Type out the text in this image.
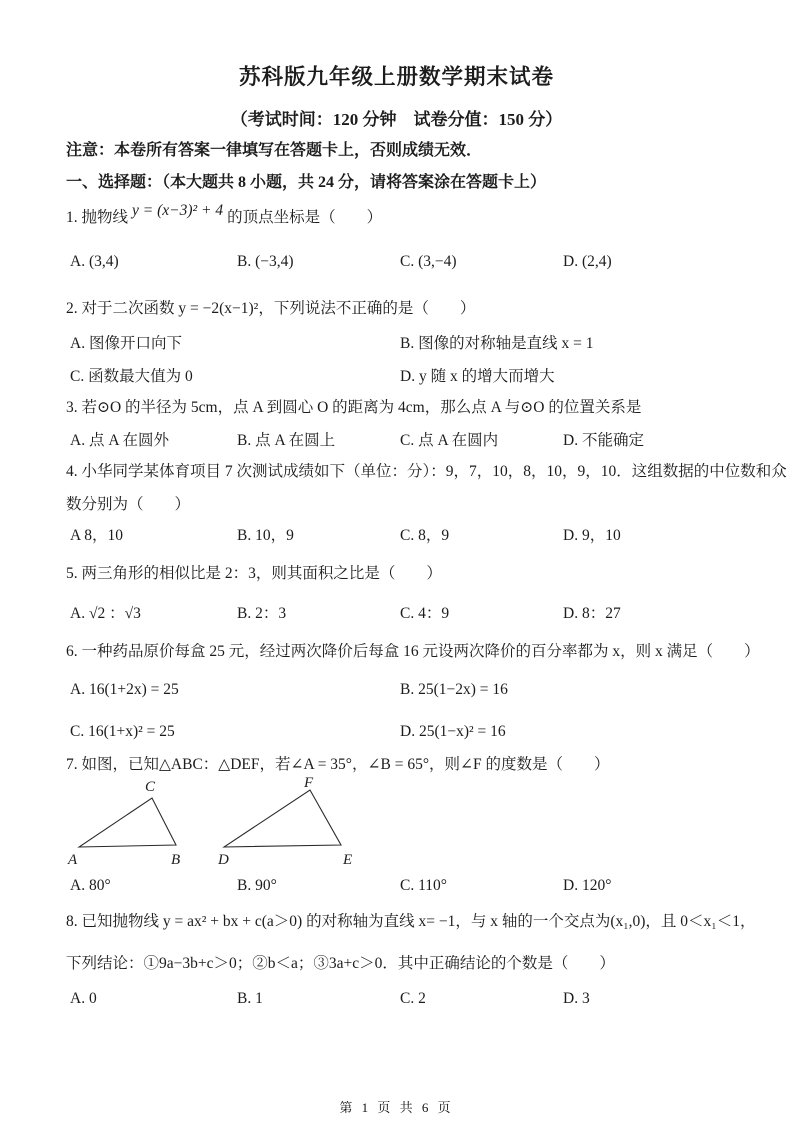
苏科版九年级上册数学期末试卷
（考试时间：120 分钟　试卷分值：150 分）
注意：本卷所有答案一律填写在答题卡上，否则成绩无效．
一、选择题：（本大题共 8 小题，共 24 分，请将答案涂在答题卡上）
1. 抛物线 y = (x−3)² + 4 的顶点坐标是（　　）
A. (3,4)	B. (−3,4)	C. (3,−4)	D. (2,4)
2. 对于二次函数 y = −2(x−1)²，下列说法不正确的是（　　）
A. 图像开口向下	B. 图像的对称轴是直线 x = 1
C. 函数最大值为 0	D. y 随 x 的增大而增大
3. 若⊙O 的半径为 5cm，点 A 到圆心 O 的距离为 4cm，那么点 A 与⊙O 的位置关系是
A. 点 A 在圆外	B. 点 A 在圆上	C. 点 A 在圆内	D. 不能确定
4. 小华同学某体育项目 7 次测试成绩如下（单位：分）：9，7，10，8，10，9，10．这组数据的中位数和众
数分别为（　　）
A 8，10	B. 10，9	C. 8，9	D. 9，10
5. 两三角形的相似比是 2：3，则其面积之比是（　　）
A. √2 ：√3	B. 2：3	C. 4：9	D. 8：27
6. 一种药品原价每盒 25 元，经过两次降价后每盒 16 元设两次降价的百分率都为 x，则 x 满足（　　）
A. 16(1+2x) = 25	B. 25(1−2x) = 16
C. 16(1+x)² = 25	D. 25(1−x)² = 16
7. 如图，已知△ABC：△DEF，若∠A = 35°，∠B = 65°，则∠F 的度数是（　　）
A	B
C
D	E
F
A. 80°	B. 90°	C. 110°	D. 120°
8. 已知抛物线 y = ax² + bx + c(a＞0) 的对称轴为直线 x= −1，与 x 轴的一个交点为(x₁,0)，且 0＜x₁＜1，
下列结论：①9a−3b+c＞0；②b＜a；③3a+c＞0．其中正确结论的个数是（　　）
A. 0	B. 1	C. 2	D. 3
第 1 页 共 6 页
